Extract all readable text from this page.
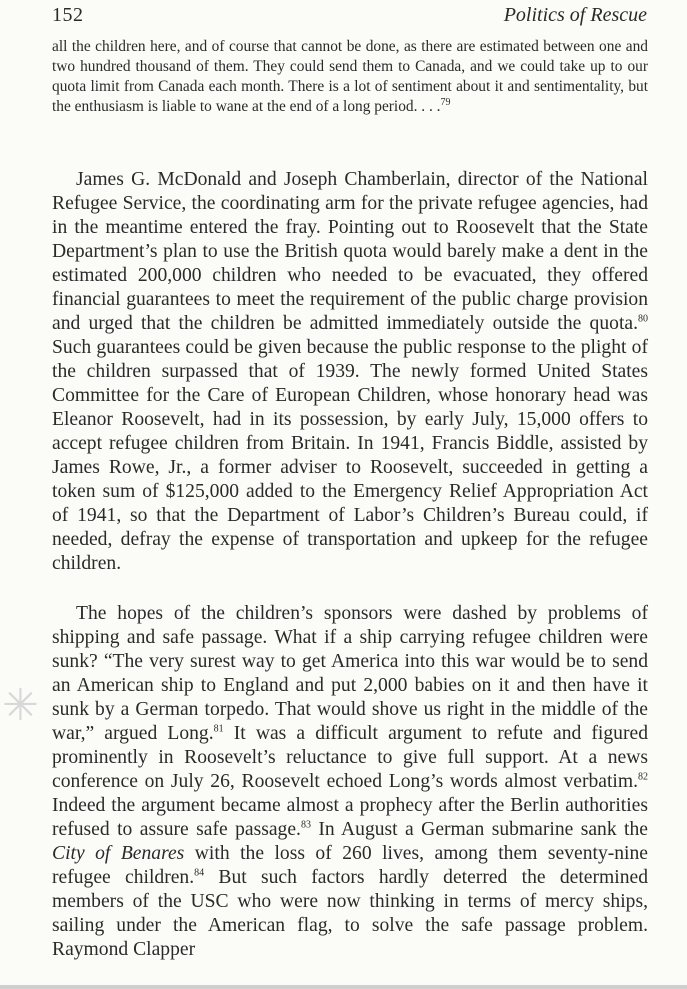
152	Politics of Rescue
all the children here, and of course that cannot be done, as there are estimated between one and two hundred thousand of them. They could send them to Canada, and we could take up to our quota limit from Canada each month. There is a lot of sentiment about it and sentimentality, but the enthusiasm is liable to wane at the end of a long period. . . .$^{79}$

James G. McDonald and Joseph Chamberlain, director of the National Refugee Service, the coordinating arm for the private refugee agencies, had in the meantime entered the fray. Pointing out to Roosevelt that the State Department’s plan to use the British quota would barely make a dent in the estimated 200,000 children who needed to be evacuated, they offered financial guarantees to meet the requirement of the public charge provision and urged that the children be admitted immediately outside the quota.$^{80}$ Such guarantees could be given because the public response to the plight of the children surpassed that of 1939. The newly formed United States Committee for the Care of European Children, whose honorary head was Eleanor Roosevelt, had in its possession, by early July, 15,000 offers to accept refugee children from Britain. In 1941, Francis Biddle, assisted by James Rowe, Jr., a former adviser to Roosevelt, succeeded in getting a token sum of $125,000 added to the Emergency Relief Appropriation Act of 1941, so that the Department of Labor’s Children’s Bureau could, if needed, defray the expense of transportation and upkeep for the refugee children.

The hopes of the children’s sponsors were dashed by problems of shipping and safe passage. What if a ship carrying refugee children were sunk? “The very surest way to get America into this war would be to send an American ship to England and put 2,000 babies on it and then have it sunk by a German torpedo. That would shove us right in the middle of the war,” argued Long.$^{81}$ It was a difficult argument to refute and figured prominently in Roosevelt’s reluctance to give full support. At a news conference on July 26, Roosevelt echoed Long’s words almost verbatim.$^{82}$ Indeed the argument became almost a prophecy after the Berlin authorities refused to assure safe passage.$^{83}$ In August a German submarine sank the City of Benares with the loss of 260 lives, among them seventy-nine refugee children.$^{84}$ But such factors hardly deterred the determined members of the USC who were now thinking in terms of mercy ships, sailing under the American flag, to solve the safe passage problem. Raymond Clapper

✳
